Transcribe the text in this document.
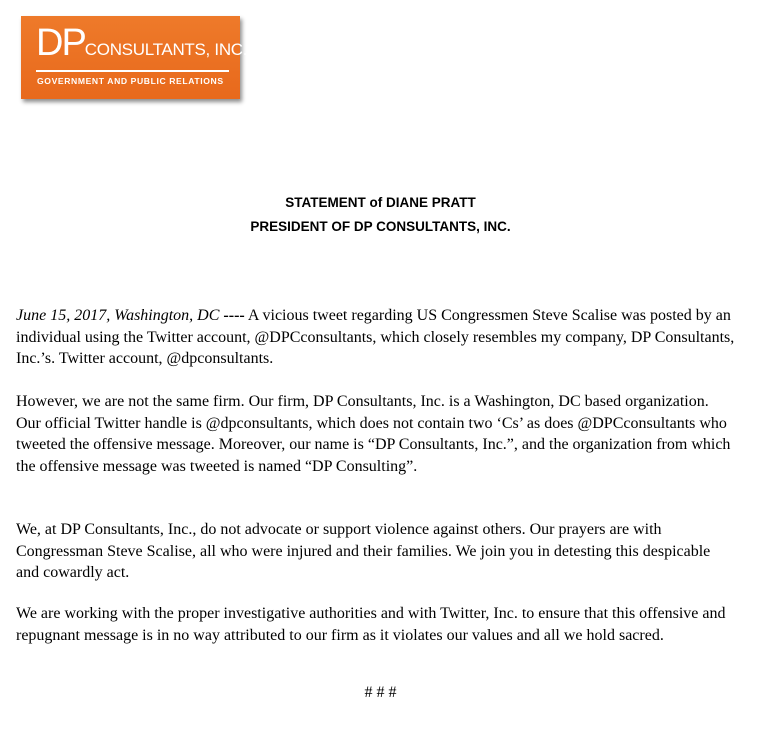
DPCONSULTANTS, INC.
GOVERNMENT AND PUBLIC RELATIONS
STATEMENT of DIANE PRATT
PRESIDENT OF DP CONSULTANTS, INC.

June 15, 2017, Washington, DC ---- A vicious tweet regarding US Congressmen Steve Scalise was posted by an individual using the Twitter account, @DPCconsultants, which closely resembles my company, DP Consultants, Inc.’s. Twitter account, @dpconsultants.

However, we are not the same firm. Our firm, DP Consultants, Inc. is a Washington, DC based organization. Our official Twitter handle is @dpconsultants, which does not contain two ‘Cs’ as does @DPCconsultants who tweeted the offensive message. Moreover, our name is “DP Consultants, Inc.”, and the organization from which the offensive message was tweeted is named “DP Consulting”.

We, at DP Consultants, Inc., do not advocate or support violence against others. Our prayers are with Congressman Steve Scalise, all who were injured and their families. We join you in detesting this despicable and cowardly act.

We are working with the proper investigative authorities and with Twitter, Inc. to ensure that this offensive and repugnant message is in no way attributed to our firm as it violates our values and all we hold sacred.

# # #
